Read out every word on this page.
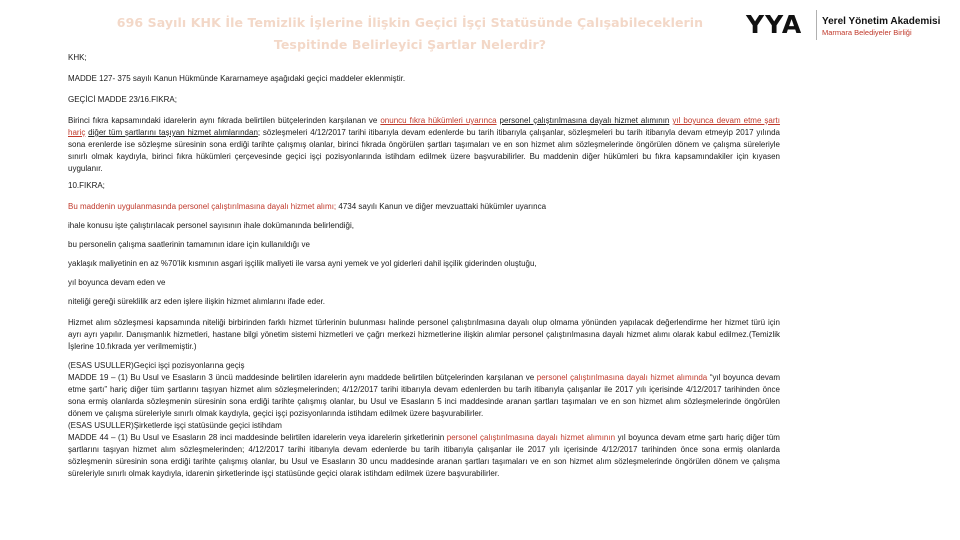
696 Sayılı KHK İle Temizlik İşlerine İlişkin Geçici İşçi Statüsünde Çalışabileceklerin Tespitinde Belirleyici Şartlar Nelerdir?
YYA Yerel Yönetim Akademisi
Marmara Belediyeler Birliği

KHK;

MADDE 127- 375 sayılı Kanun Hükmünde Kararnameye aşağıdaki geçici maddeler eklenmiştir.

GEÇİCİ MADDE 23/16.FIKRA;

Birinci fıkra kapsamındaki idarelerin aynı fıkrada belirtilen bütçelerinden karşılanan ve onuncu fıkra hükümleri uyarınca personel çalıştırılmasına dayalı hizmet alımının yıl boyunca devam etme şartı hariç diğer tüm şartlarını taşıyan hizmet alımlarından; sözleşmeleri 4/12/2017 tarihi itibarıyla devam edenlerde bu tarih itibarıyla çalışanlar, sözleşmeleri bu tarih itibarıyla devam etmeyip 2017 yılında sona erenlerde ise sözleşme süresinin sona erdiği tarihte çalışmış olanlar, birinci fıkrada öngörülen şartları taşımaları ve en son hizmet alım sözleşmelerinde öngörülen dönem ve çalışma süreleriyle sınırlı olmak kaydıyla, birinci fıkra hükümleri çerçevesinde geçici işçi pozisyonlarında istihdam edilmek üzere başvurabilirler. Bu maddenin diğer hükümleri bu fıkra kapsamındakiler için kıyasen uygulanır.

10.FIKRA;

Bu maddenin uygulanmasında personel çalıştırılmasına dayalı hizmet alımı; 4734 sayılı Kanun ve diğer mevzuattaki hükümler uyarınca

ihale konusu işte çalıştırılacak personel sayısının ihale dokümanında belirlendiği,

bu personelin çalışma saatlerinin tamamının idare için kullanıldığı ve

yaklaşık maliyetinin en az %70’lik kısmının asgari işçilik maliyeti ile varsa ayni yemek ve yol giderleri dahil işçilik giderinden oluştuğu,

yıl boyunca devam eden ve

niteliği gereği süreklilik arz eden işlere ilişkin hizmet alımlarını ifade eder.

Hizmet alım sözleşmesi kapsamında niteliği birbirinden farklı hizmet türlerinin bulunması halinde personel çalıştırılmasına dayalı olup olmama yönünden yapılacak değerlendirme her hizmet türü için ayrı ayrı yapılır. Danışmanlık hizmetleri, hastane bilgi yönetim sistemi hizmetleri ve çağrı merkezi hizmetlerine ilişkin alımlar personel çalıştırılmasına dayalı hizmet alımı olarak kabul edilmez.(Temizlik İşlerine 10.fıkrada yer verilmemiştir.)

(ESAS USULLER)Geçici işçi pozisyonlarına geçiş

MADDE 19 – (1) Bu Usul ve Esasların 3 üncü maddesinde belirtilen idarelerin aynı maddede belirtilen bütçelerinden karşılanan ve personel çalıştırılmasına dayalı hizmet alımında “yıl boyunca devam etme şartı” hariç diğer tüm şartlarını taşıyan hizmet alım sözleşmelerinden; 4/12/2017 tarihi itibarıyla devam edenlerden bu tarih itibarıyla çalışanlar ile 2017 yılı içerisinde 4/12/2017 tarihinden önce sona ermiş olanlarda sözleşmenin süresinin sona erdiği tarihte çalışmış olanlar, bu Usul ve Esasların 5 inci maddesinde aranan şartları taşımaları ve en son hizmet alım sözleşmelerinde öngörülen dönem ve çalışma süreleriyle sınırlı olmak kaydıyla, geçici işçi pozisyonlarında istihdam edilmek üzere başvurabilirler.

(ESAS USULLER)Şirketlerde işçi statüsünde geçici istihdam

MADDE 44 – (1) Bu Usul ve Esasların 28 inci maddesinde belirtilen idarelerin veya idarelerin şirketlerinin personel çalıştırılmasına dayalı hizmet alımının yıl boyunca devam etme şartı hariç diğer tüm şartlarını taşıyan hizmet alım sözleşmelerinden; 4/12/2017 tarihi itibarıyla devam edenlerde bu tarih itibarıyla çalışanlar ile 2017 yılı içerisinde 4/12/2017 tarihinden önce sona ermiş olanlarda sözleşmenin süresinin sona erdiği tarihte çalışmış olanlar, bu Usul ve Esasların 30 uncu maddesinde aranan şartları taşımaları ve en son hizmet alım sözleşmelerinde öngörülen dönem ve çalışma süreleriyle sınırlı olmak kaydıyla, idarenin şirketlerinde işçi statüsünde geçici olarak istihdam edilmek üzere başvurabilirler.
